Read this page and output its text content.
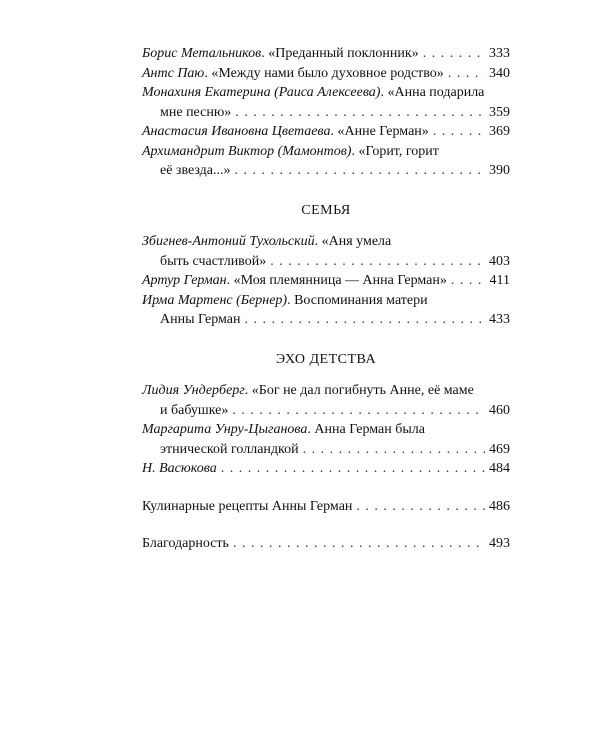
Борис Метальников . «Преданный поклонник» . . .	333
Антс Паю . «Между нами было духовное родство» . . .	340
Монахиня Екатерина (Раиса Алексеева) . «Анна подарила
мне песню» . . .	359
Анастасия Ивановна Цветаева . «Анне Герман» . . .	369
Архимандрит Виктор (Мамонтов) . «Горит, горит
её звезда...» . . .	390
СЕМЬЯ
Збигнев-Антоний Тухольский . «Аня умела
быть счастливой» . . .	403
Артур Герман . «Моя племянница — Анна Герман» . . .	411
Ирма Мартенс (Бернер) . Воспоминания матери
Анны Герман . . .	433
ЭХО ДЕТСТВА
Лидия Ундерберг . «Бог не дал погибнуть Анне, её маме
и бабушке» . . .	460
Маргарита Унру-Цыганова . Анна Герман была
этнической голландкой . . .	469
Н. Васюкова . . .	484
Кулинарные рецепты Анны Герман . . .	486
Благодарность . . .	493
